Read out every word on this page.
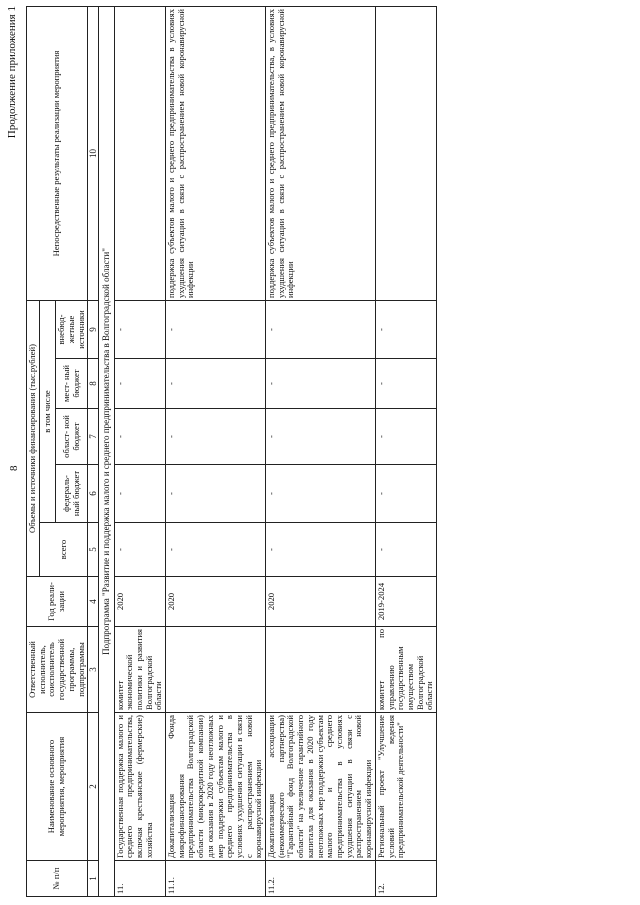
8
Продолжение приложения 1
№ п/п	Наименование основного мероприятия, мероприятия	Ответственный исполнитель, соисполнитель государственной программы, подпрограммы	Год реали- зации	Объемы и источники финансирования (тыс.рублей)					Непосредственные результаты реализации мероприятия
				всего	в том числе				
					федераль- ный бюджет	област- ной бюджет	мест- ный бюджет	внебюд- жетные источники	
1	2	3	4	5	6	7	8	9	10
Подпрограмма "Развитие и поддержка малого и среднего предпринимательства в Волгоградской области"									
11.	Государственная поддержка малого и среднего предпринимательства, включая крестьянские (фермерские) хозяйства	комитет экономической политики и развития Волгоградской области	2020	-	-	-	-	-	
11.1.	Докапитализация Фонда микрофинансирования предпринимательства Волгоградской области (микрокредитной компании) для оказания в 2020 году неотложных мер поддержки субъектам малого и среднего предпринимательства в условиях ухудшения ситуации в связи с распространением новой коронавирусной инфекции		2020	-	-	-	-	-	поддержка субъектов малого и среднего предпринимательства в условиях ухудшения ситуации в связи с распространением новой коронавирусной инфекции
11.2.	Докапитализация ассоциации (некоммерческого партнерства) "Гарантийный фонд Волгоградской области" на увеличение гарантийного капитала для оказания в 2020 году неотложных мер поддержки субъектам малого и среднего предпринимательства в условиях ухудшения ситуации в связи с распространением новой коронавирусной инфекции		2020	-	-	-	-	-	поддержка субъектов малого и среднего предпринимательства, в условиях ухудшения ситуации в связи с распространением новой коронавирусной инфекции
12.	Региональный проект "Улучшение условий ведения предпринимательской деятельности"	комитет по управлению государственным имуществом Волгоградской области	2019-2024	-	-	-	-	-	
